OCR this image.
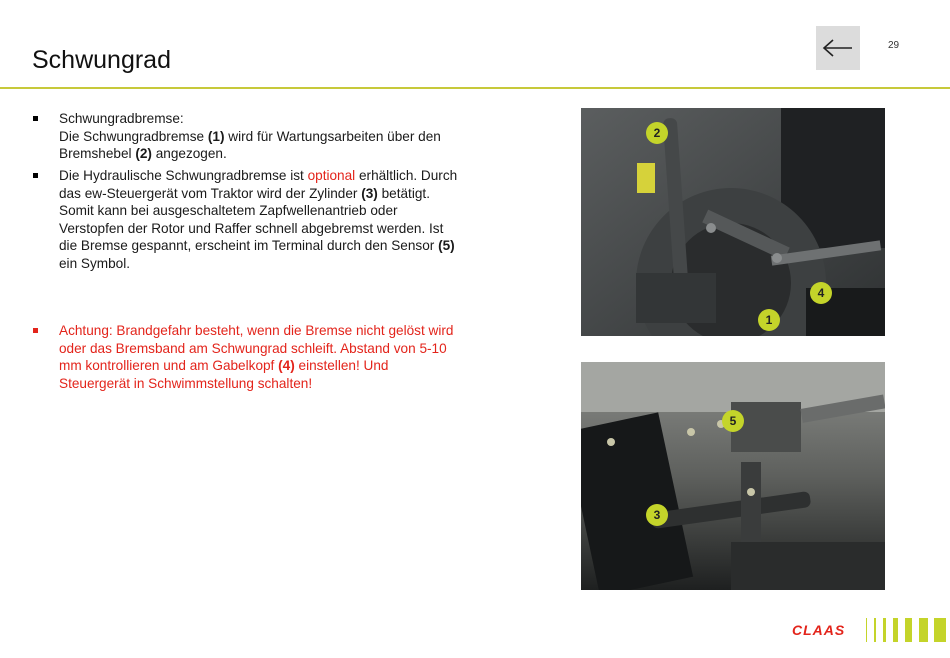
Schwungrad
29

Schwungradbremse:

Die Schwungradbremse (1) wird für Wartungsarbeiten über den Bremshebel (2) angezogen.

Die Hydraulische Schwungradbremse ist optional erhältlich. Durch das ew-Steuergerät vom Traktor wird der Zylinder (3) betätigt. Somit kann bei ausgeschaltetem Zapfwellenantrieb oder Verstopfen der Rotor und Raffer schnell abgebremst werden. Ist die Bremse gespannt, erscheint im Terminal durch den Sensor (5) ein Symbol.

Achtung: Brandgefahr besteht, wenn die Bremse nicht gelöst wird oder das Bremsband am Schwungrad schleift. Abstand von 5-10 mm kontrollieren und am Gabelkopf (4) einstellen! Und Steuergerät in Schwimmstellung schalten!

2
4
1
5
3
CLAAS
